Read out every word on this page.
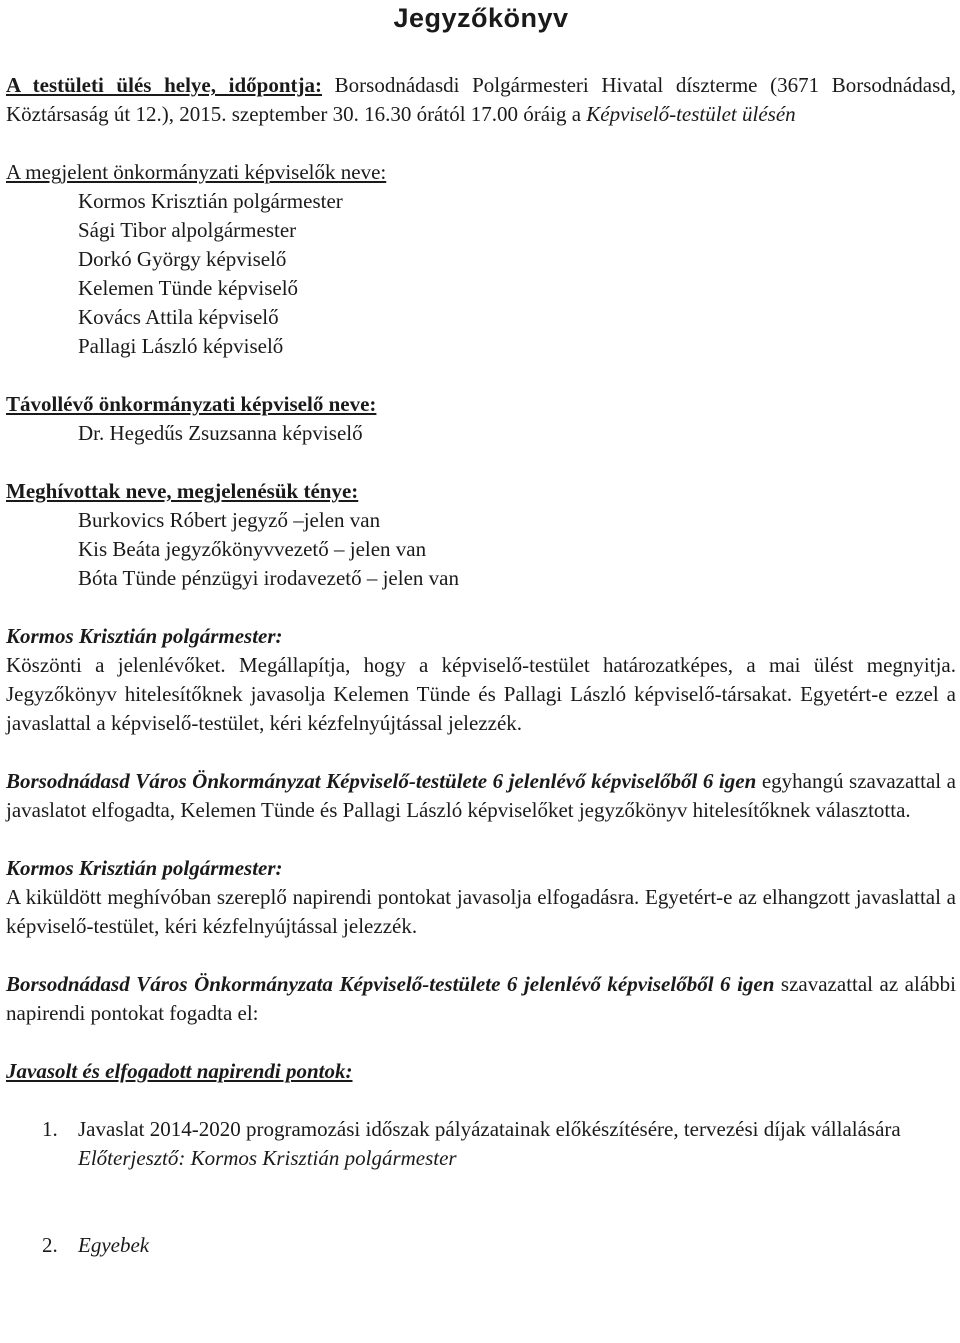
Jegyzőkönyv

A testületi ülés helye, időpontja: Borsodnádasdi Polgármesteri Hivatal díszterme (3671 Borsodnádasd, Köztársaság út 12.), 2015. szeptember 30. 16.30 órától 17.00 óráig a Képviselő-testület ülésén

A megjelent önkormányzati képviselők neve:
Kormos Krisztián polgármester
Sági Tibor alpolgármester
Dorkó György képviselő
Kelemen Tünde képviselő
Kovács Attila képviselő
Pallagi László képviselő
Távollévő önkormányzati képviselő neve:
Dr. Hegedűs Zsuzsanna képviselő
Meghívottak neve, megjelenésük ténye:
Burkovics Róbert jegyző –jelen van
Kis Beáta jegyzőkönyvvezető – jelen van
Bóta Tünde pénzügyi irodavezető – jelen van
Kormos Krisztián polgármester:
Köszönti a jelenlévőket. Megállapítja, hogy a képviselő-testület határozatképes, a mai ülést megnyitja. Jegyzőkönyv hitelesítőknek javasolja Kelemen Tünde és Pallagi László képviselő-társakat. Egyetért-e ezzel a javaslattal a képviselő-testület, kéri kézfelnyújtással jelezzék.
Borsodnádasd Város Önkormányzat Képviselő-testülete 6 jelenlévő képviselőből 6 igen egyhangú szavazattal a javaslatot elfogadta, Kelemen Tünde és Pallagi László képviselőket jegyzőkönyv hitelesítőknek választotta.
Kormos Krisztián polgármester:
A kiküldött meghívóban szereplő napirendi pontokat javasolja elfogadásra. Egyetért-e az elhangzott javaslattal a képviselő-testület, kéri kézfelnyújtással jelezzék.
Borsodnádasd Város Önkormányzata Képviselő-testülete 6 jelenlévő képviselőből 6 igen szavazattal az alábbi napirendi pontokat fogadta el:
Javasolt és elfogadott napirendi pontok:
1. Javaslat 2014-2020 programozási időszak pályázatainak előkészítésére, tervezési díjak vállalására
Előterjesztő: Kormos Krisztián polgármester
2. Egyebek
